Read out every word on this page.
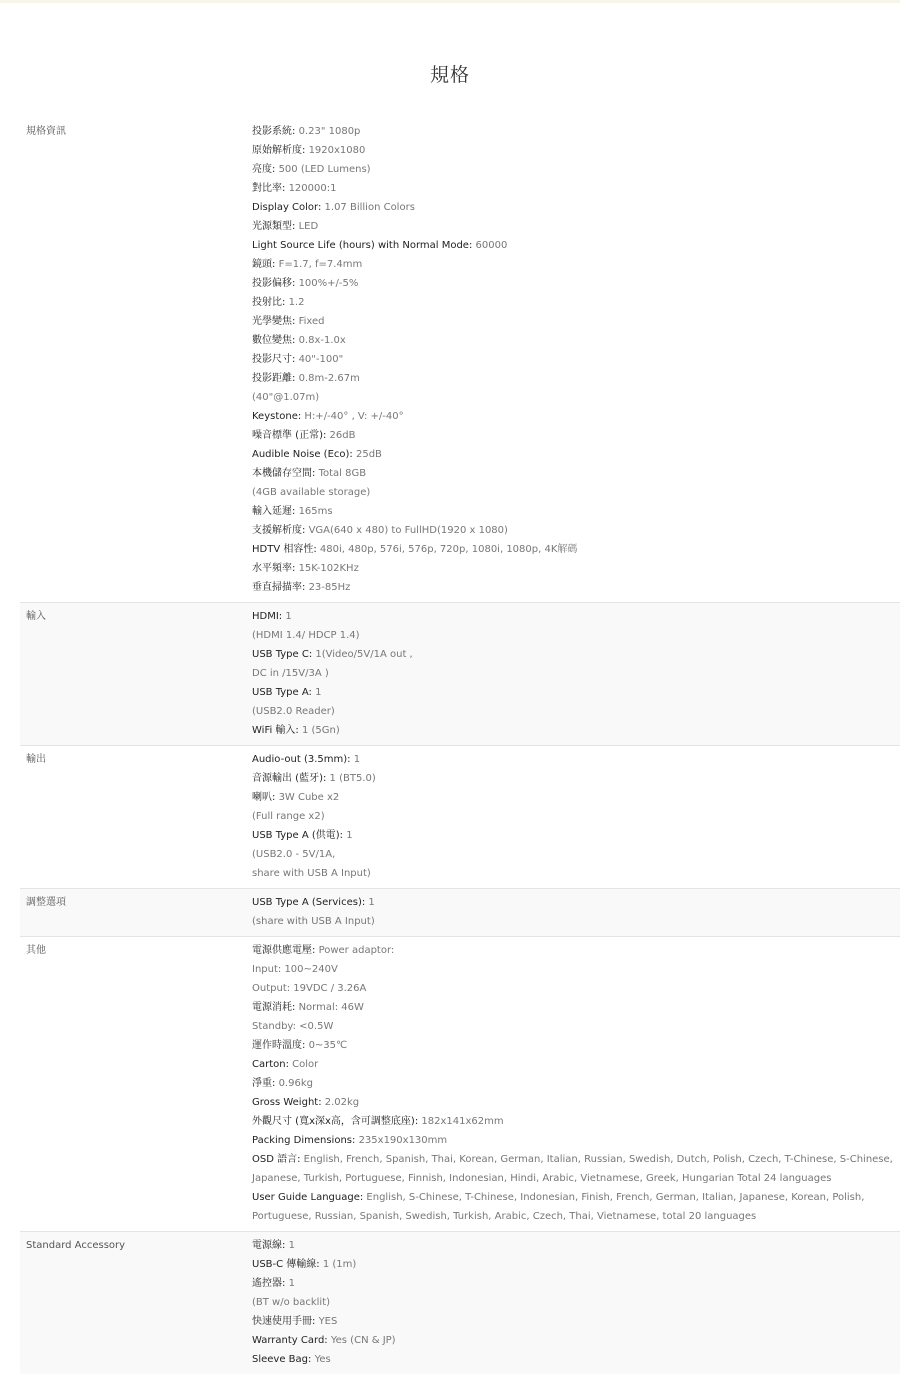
規格
規格資訊	投影系統: 0.23" 1080p
原始解析度: 1920x1080
亮度: 500 (LED Lumens)
對比率: 120000:1
Display Color: 1.07 Billion Colors
光源類型: LED
Light Source Life (hours) with Normal Mode: 60000
鏡頭: F=1.7, f=7.4mm
投影偏移: 100%+/-5%
投射比: 1.2
光學變焦: Fixed
數位變焦: 0.8x-1.0x
投影尺寸: 40"-100"
投影距離: 0.8m-2.67m
(40"@1.07m)
Keystone: H:+/-40° , V: +/-40°
噪音標準 (正常): 26dB
Audible Noise (Eco): 25dB
本機儲存空間: Total 8GB
(4GB available storage)
輸入延遲: 165ms
支援解析度: VGA(640 x 480) to FullHD(1920 x 1080)
HDTV 相容性: 480i, 480p, 576i, 576p, 720p, 1080i, 1080p, 4K解碼
水平頻率: 15K-102KHz
垂直掃描率: 23-85Hz
輸入	HDMI: 1
(HDMI 1.4/ HDCP 1.4)
USB Type C: 1(Video/5V/1A out ,
DC in /15V/3A )
USB Type A: 1
(USB2.0 Reader)
WiFi 輸入: 1 (5Gn)
輸出	Audio-out (3.5mm): 1
音源輸出 (藍牙): 1 (BT5.0)
喇叭: 3W Cube x2
(Full range x2)
USB Type A (供電): 1
(USB2.0 - 5V/1A,
share with USB A Input)
調整選項	USB Type A (Services): 1
(share with USB A Input)
其他	電源供應電壓: Power adaptor:
Input: 100~240V
Output: 19VDC / 3.26A
電源消耗: Normal: 46W
Standby: <0.5W
運作時溫度: 0~35℃
Carton: Color
淨重: 0.96kg
Gross Weight: 2.02kg
外觀尺寸 (寬x深x高，含可調整底座): 182x141x62mm
Packing Dimensions: 235x190x130mm
OSD 語言: English, French, Spanish, Thai, Korean, German, Italian, Russian, Swedish, Dutch, Polish, Czech, T-Chinese, S-Chinese,
Japanese, Turkish, Portuguese, Finnish, Indonesian, Hindi, Arabic, Vietnamese, Greek, Hungarian Total 24 languages
User Guide Language: English, S-Chinese, T-Chinese, Indonesian, Finish, French, German, Italian, Japanese, Korean, Polish,
Portuguese, Russian, Spanish, Swedish, Turkish, Arabic, Czech, Thai, Vietnamese, total 20 languages
Standard Accessory	電源線: 1
USB-C 傳輸線: 1 (1m)
遙控器: 1
(BT w/o backlit)
快速使用手冊: YES
Warranty Card: Yes (CN & JP)
Sleeve Bag: Yes
